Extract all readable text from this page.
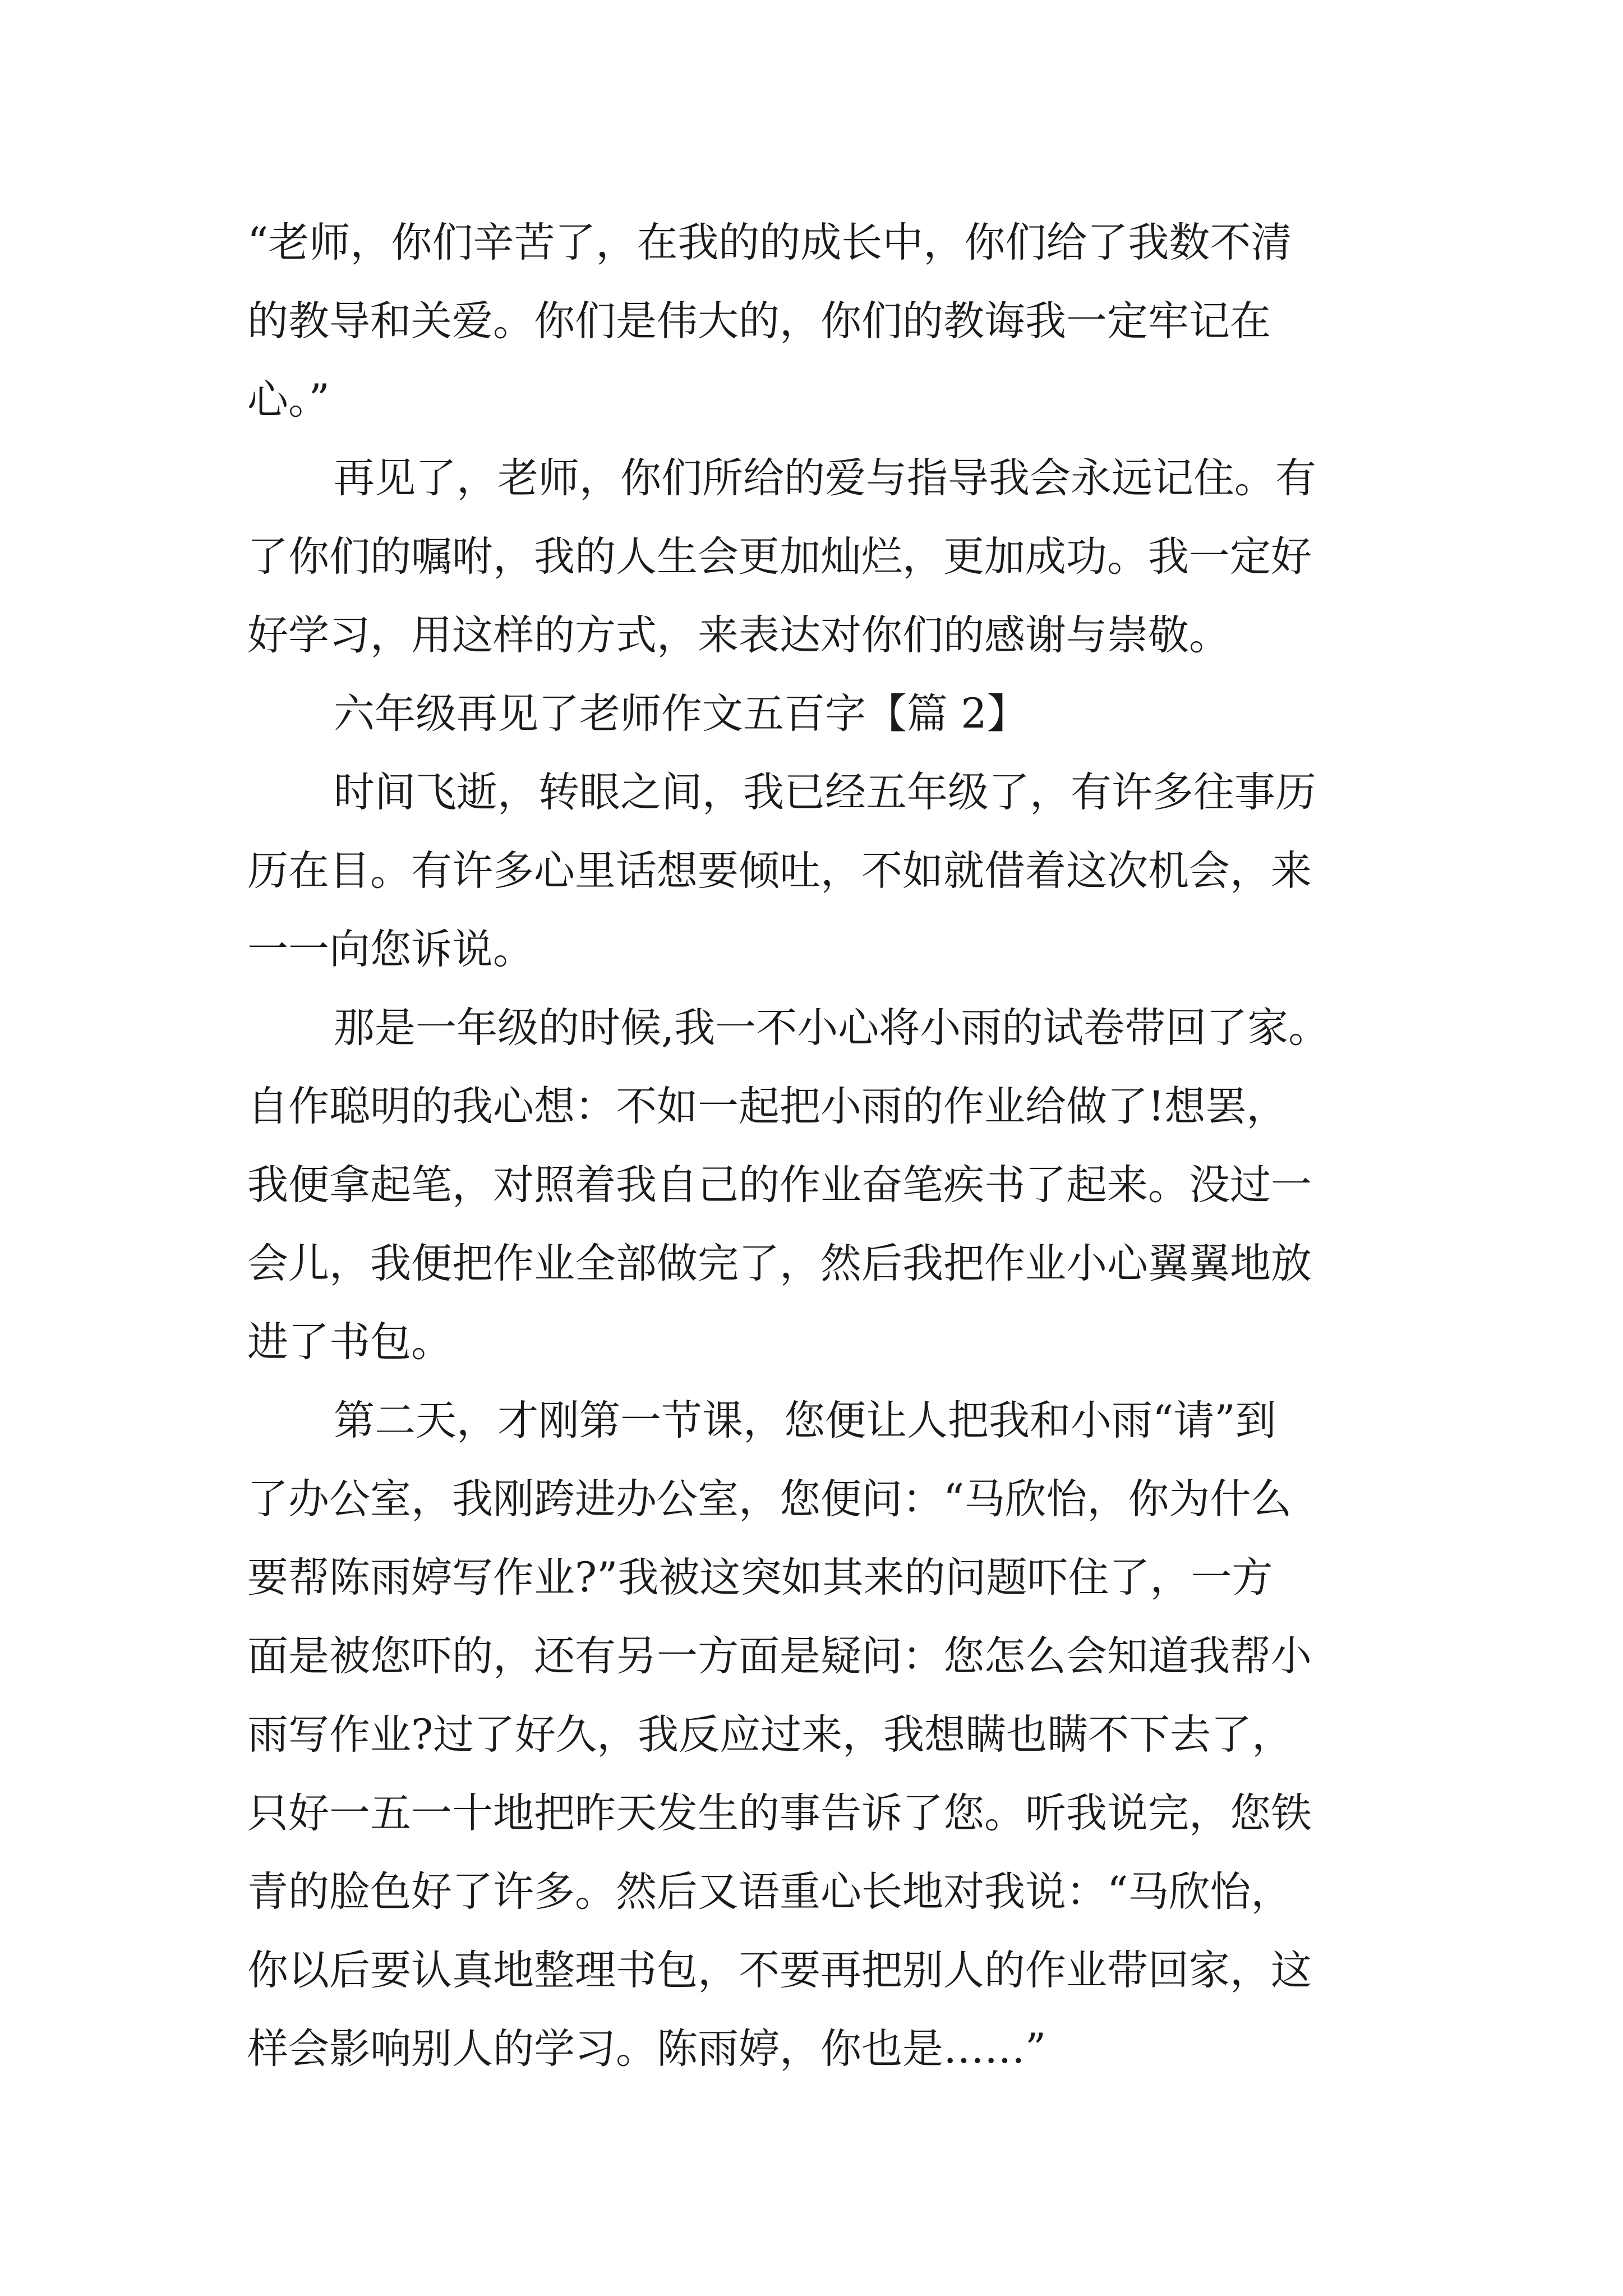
“老师，你们辛苦了，在我的的成长中，你们给了我数不清
的教导和关爱。你们是伟大的，你们的教诲我一定牢记在
心。”
再见了，老师，你们所给的爱与指导我会永远记住。有
了你们的嘱咐，我的人生会更加灿烂，更加成功。我一定好
好学习，用这样的方式，来表达对你们的感谢与崇敬。
六年级再见了老师作文五百字【篇 2】
时间飞逝，转眼之间，我已经五年级了，有许多往事历
历在目。有许多心里话想要倾吐，不如就借着这次机会，来
一一向您诉说。
那是一年级的时候,我一不小心将小雨的试卷带回了家。
自作聪明的我心想：不如一起把小雨的作业给做了!想罢，
我便拿起笔，对照着我自己的作业奋笔疾书了起来。没过一
会儿，我便把作业全部做完了，然后我把作业小心翼翼地放
进了书包。
第二天，才刚第一节课，您便让人把我和小雨“请”到
了办公室，我刚跨进办公室，您便问：“马欣怡，你为什么
要帮陈雨婷写作业?”我被这突如其来的问题吓住了，一方
面是被您吓的，还有另一方面是疑问：您怎么会知道我帮小
雨写作业?过了好久，我反应过来，我想瞒也瞒不下去了，
只好一五一十地把昨天发生的事告诉了您。听我说完，您铁
青的脸色好了许多。然后又语重心长地对我说：“马欣怡，
你以后要认真地整理书包，不要再把别人的作业带回家，这
样会影响别人的学习。陈雨婷，你也是……”
